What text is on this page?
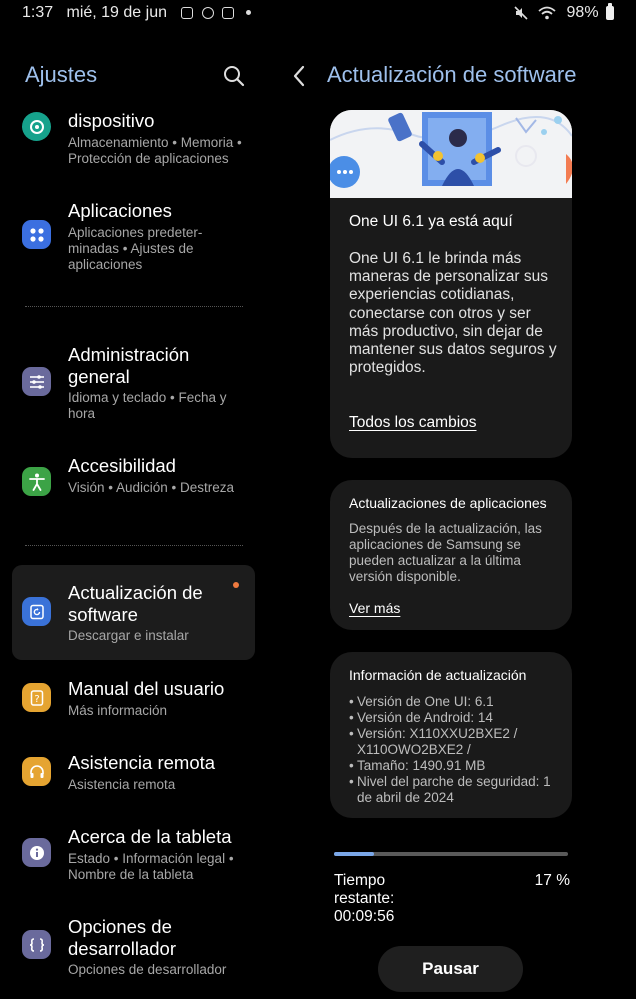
1:37 mié, 19 de jun	98%
Ajustes
dispositivo
Almacenamiento • Memoria • Protección de aplicaciones
Aplicaciones
Aplicaciones predeter-minadas • Ajustes de aplicaciones
Administración general
Idioma y teclado • Fecha y hora
Accesibilidad
Visión • Audición • Destreza
Actualización de software
Descargar e instalar
? Manual del usuario
Más información
Asistencia remota
Asistencia remota
Acerca de la tableta
Estado • Información legal • Nombre de la tableta
Opciones de desarrollador
Opciones de desarrollador
Actualización de software
One UI 6.1 ya está aquí
One UI 6.1 le brinda más maneras de personalizar sus experiencias cotidianas, conectarse con otros y ser más productivo, sin dejar de mantener sus datos seguros y protegidos.
Todos los cambios
Actualizaciones de aplicaciones
Después de la actualización, las aplicaciones de Samsung se pueden actualizar a la última versión disponible.
Ver más
Información de actualización
• Versión de One UI: 6.1
• Versión de Android: 14
• Versión: X110XXU2BXE2 / X110OWO2BXE2 /
• Tamaño: 1490.91 MB
• Nivel del parche de seguridad: 1 de abril de 2024
Tiempo restante: 00:09:56
17 %
Pausar
